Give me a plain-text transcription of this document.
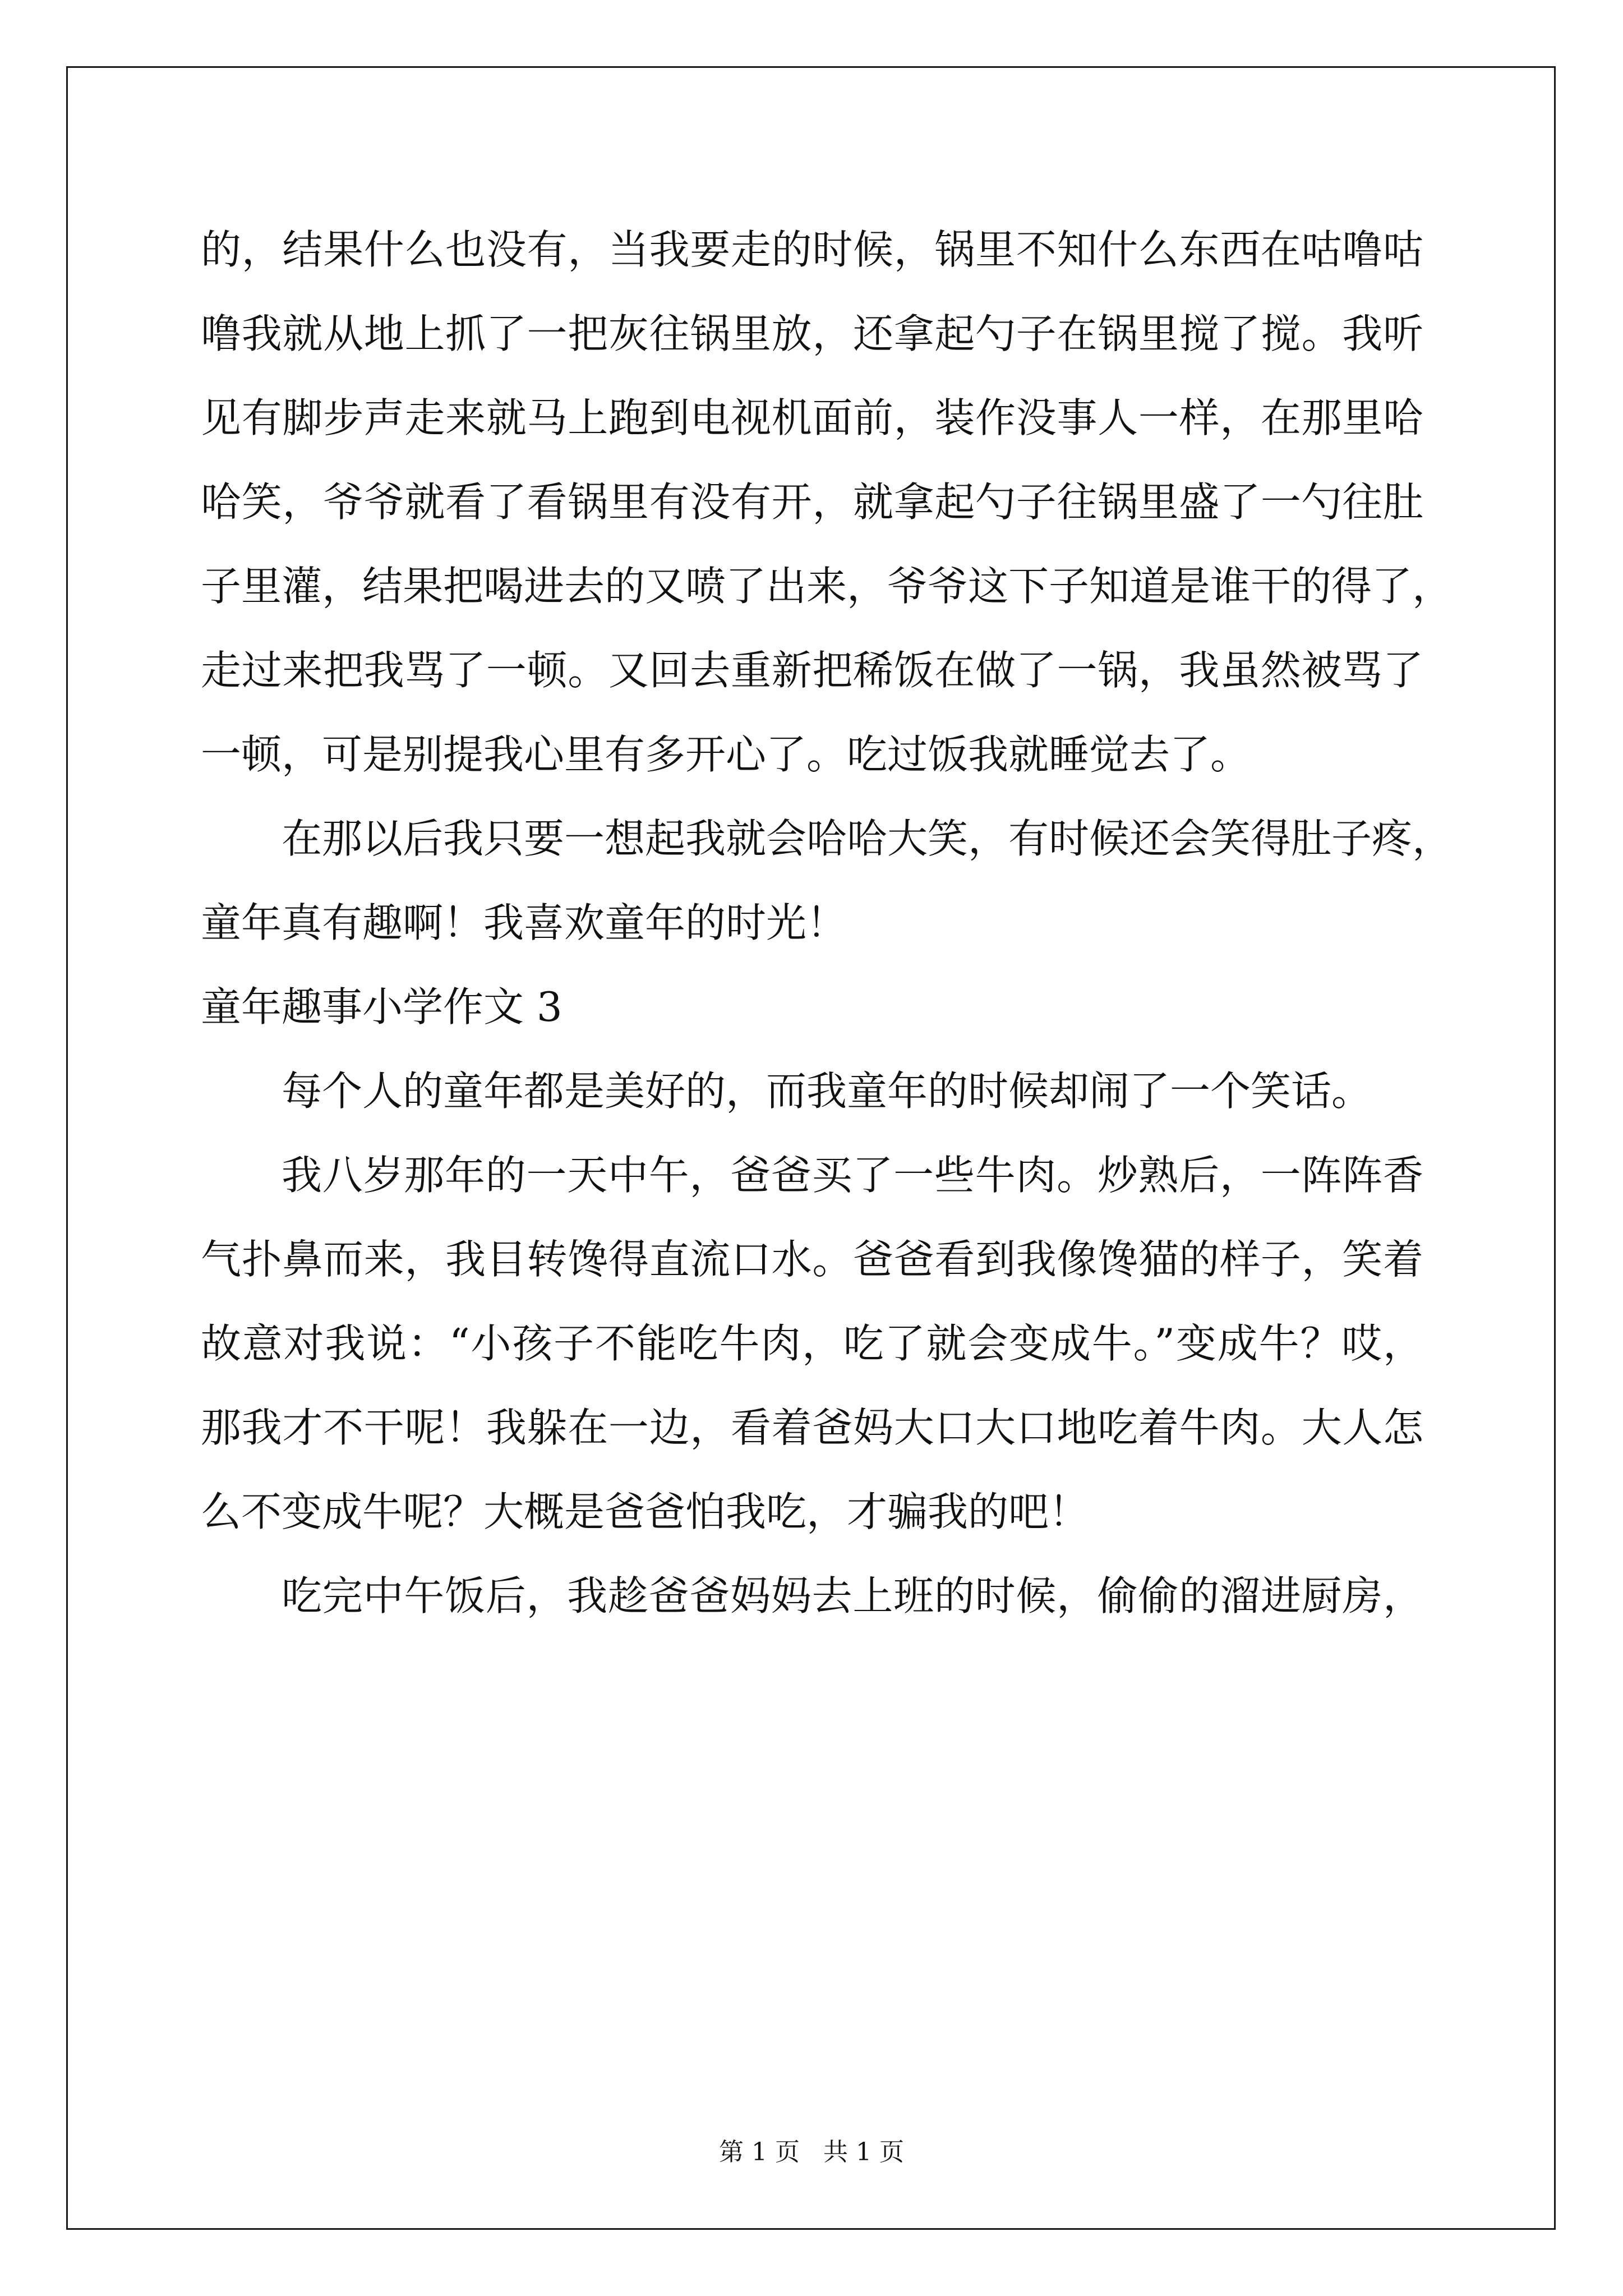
的，结果什么也没有，当我要走的时候，锅里不知什么东西在咕噜咕
噜我就从地上抓了一把灰往锅里放，还拿起勺子在锅里搅了搅。我听
见有脚步声走来就马上跑到电视机面前，装作没事人一样，在那里哈
哈笑，爷爷就看了看锅里有没有开，就拿起勺子往锅里盛了一勺往肚
子里灌，结果把喝进去的又喷了出来，爷爷这下子知道是谁干的得了，
走过来把我骂了一顿。又回去重新把稀饭在做了一锅，我虽然被骂了
一顿，可是别提我心里有多开心了。吃过饭我就睡觉去了。
在那以后我只要一想起我就会哈哈大笑，有时候还会笑得肚子疼，
童年真有趣啊！我喜欢童年的时光！
童年趣事小学作文 3
每个人的童年都是美好的，而我童年的时候却闹了一个笑话。
我八岁那年的一天中午，爸爸买了一些牛肉。炒熟后，一阵阵香
气扑鼻而来，我目转馋得直流口水。爸爸看到我像馋猫的样子，笑着
故意对我说：“小孩子不能吃牛肉，吃了就会变成牛。”变成牛？哎，
那我才不干呢！我躲在一边，看着爸妈大口大口地吃着牛肉。大人怎
么不变成牛呢？大概是爸爸怕我吃，才骗我的吧！
吃完中午饭后，我趁爸爸妈妈去上班的时候，偷偷的溜进厨房，
第 1 页 共 1 页
